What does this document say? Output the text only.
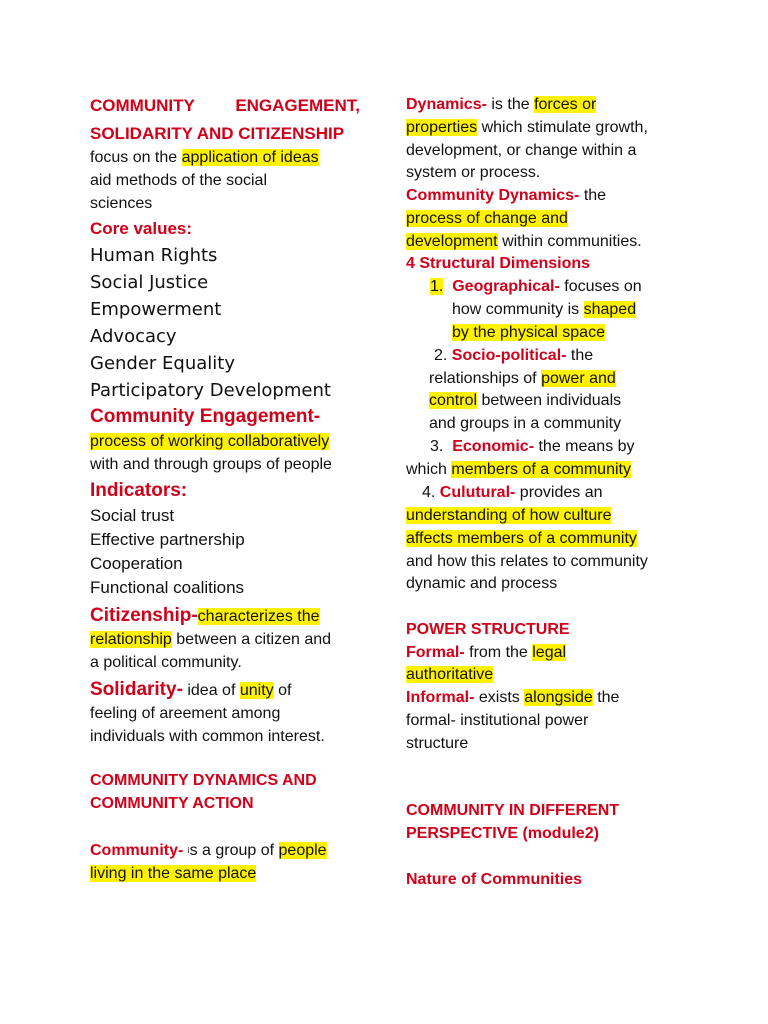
COMMUNITY ENGAGEMENT,
SOLIDARITY AND CITIZENSHIP
focus on the application of ideas
aid methods of the social
sciences
Core values:
Human Rights
Social Justice
Empowerment
Advocacy
Gender Equality
Participatory Development
Community Engagement-
process of working collaboratively
with and through groups of people
Indicators:
Social trust
Effective partnership
Cooperation
Functional coalitions
Citizenship-characterizes the
relationship between a citizen and
a political community.
Solidarity- idea of unity of
feeling of areement among
individuals with common interest.
COMMUNITY DYNAMICS AND
COMMUNITY ACTION
Community- is a group of people
living in the same place
Dynamics- is the forces or
properties which stimulate growth,
development, or change within a
system or process.
Community Dynamics- the
process of change and
development within communities.
4 Structural Dimensions
1. Geographical- focuses on
how community is shaped
by the physical space
2. Socio-political- the
relationships of power and
control between individuals
and groups in a community
3. Economic- the means by
which members of a community
4. Culutural- provides an
understanding of how culture
affects members of a community
and how this relates to community
dynamic and process
POWER STRUCTURE
Formal- from the legal
authoritative
Informal- exists alongside the
formal- institutional power
structure
COMMUNITY IN DIFFERENT
PERSPECTIVE (module2)
Nature of Communities
